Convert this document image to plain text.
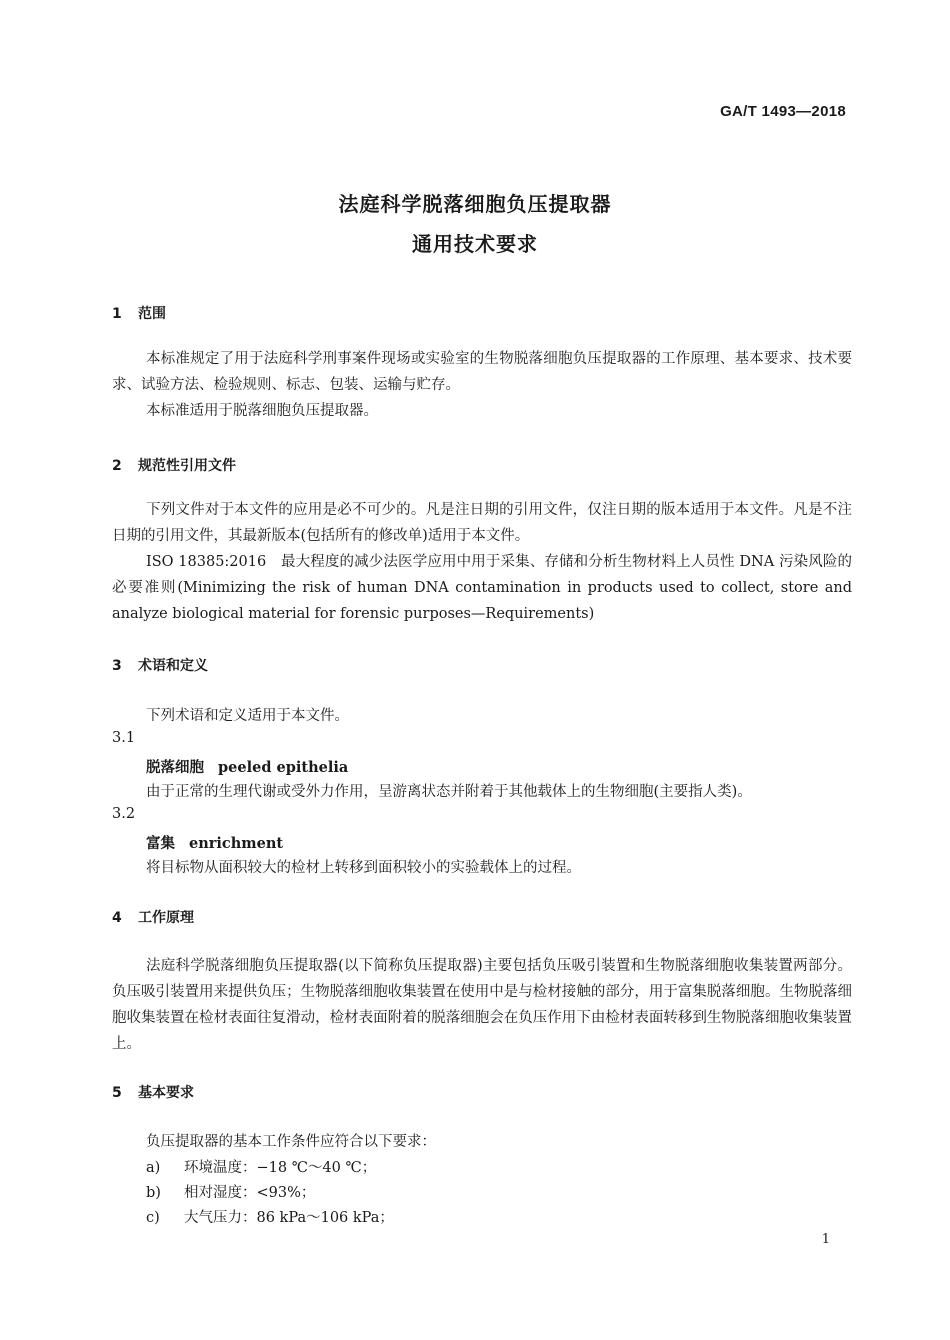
GA/T 1493—2018
法庭科学脱落细胞负压提取器
通用技术要求
1 范围
本标准规定了用于法庭科学刑事案件现场或实验室的生物脱落细胞负压提取器的工作原理、基本要求、技术要求、试验方法、检验规则、标志、包装、运输与贮存。
本标准适用于脱落细胞负压提取器。
2 规范性引用文件
下列文件对于本文件的应用是必不可少的。凡是注日期的引用文件，仅注日期的版本适用于本文件。凡是不注日期的引用文件，其最新版本(包括所有的修改单)适用于本文件。
ISO 18385:2016　最大程度的减少法医学应用中用于采集、存储和分析生物材料上人员性 DNA 污染风险的必要准则(Minimizing the risk of human DNA contamination in products used to collect, store and analyze biological material for forensic purposes—Requirements)
3 术语和定义
下列术语和定义适用于本文件。
3.1
脱落细胞 peeled epithelia
由于正常的生理代谢或受外力作用，呈游离状态并附着于其他载体上的生物细胞(主要指人类)。
3.2
富集 enrichment
将目标物从面积较大的检材上转移到面积较小的实验载体上的过程。
4 工作原理
法庭科学脱落细胞负压提取器(以下简称负压提取器)主要包括负压吸引装置和生物脱落细胞收集装置两部分。负压吸引装置用来提供负压；生物脱落细胞收集装置在使用中是与检材接触的部分，用于富集脱落细胞。生物脱落细胞收集装置在检材表面往复滑动，检材表面附着的脱落细胞会在负压作用下由检材表面转移到生物脱落细胞收集装置上。
5 基本要求
负压提取器的基本工作条件应符合以下要求：
a) 环境温度：−18 ℃～40 ℃；
b) 相对湿度：<93%；
c) 大气压力：86 kPa～106 kPa；
1
